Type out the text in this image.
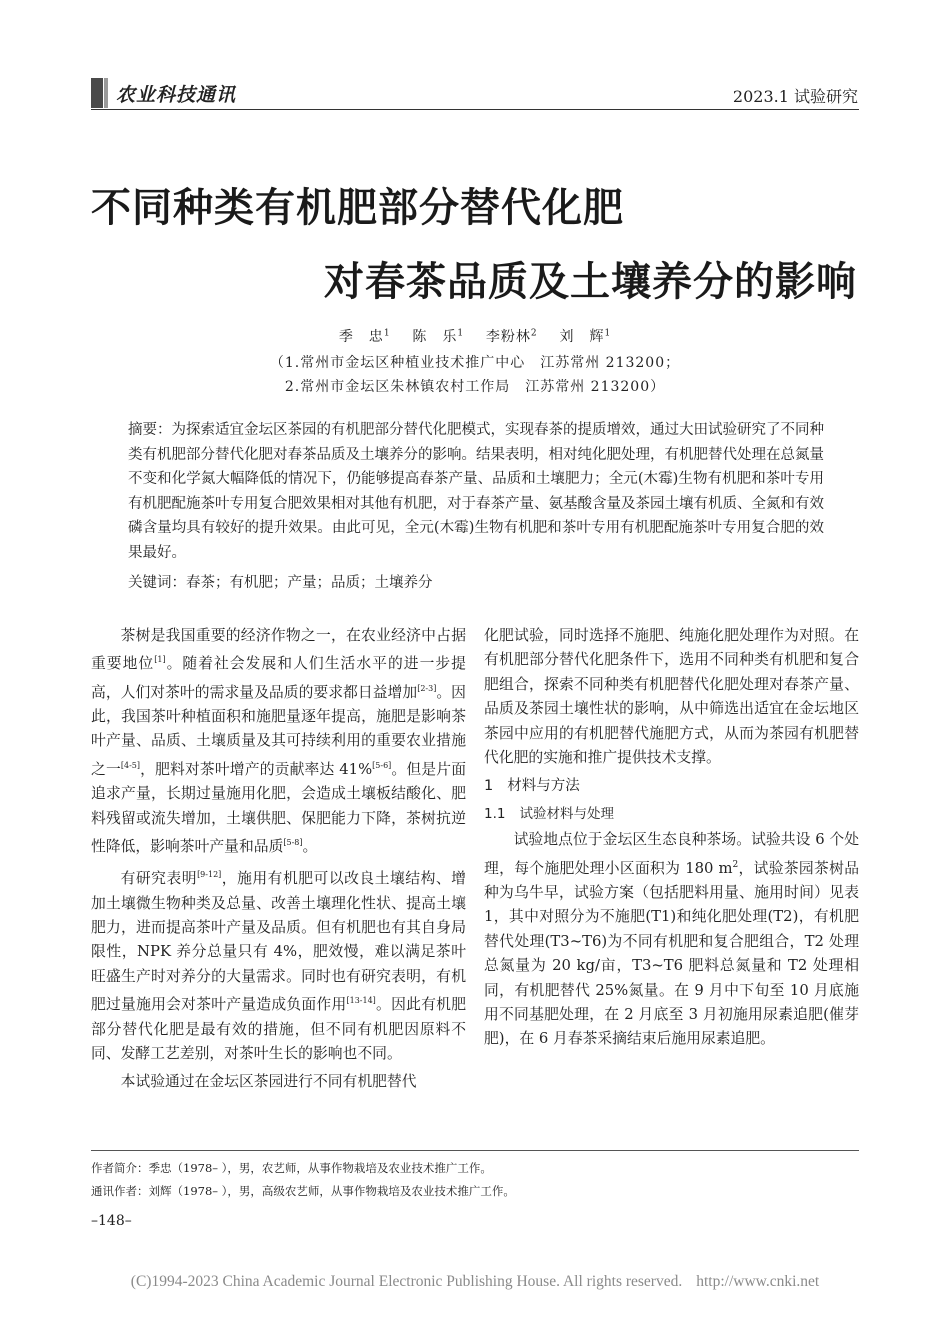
农业科技通讯	2023.1 试验研究
不同种类有机肥部分替代化肥
对春茶品质及土壤养分的影响
季　忠$^1$ 陈　乐$^1$ 李粉林$^2$ 刘　辉$^1$
（1.常州市金坛区种植业技术推广中心　江苏常州 213200；
2.常州市金坛区朱林镇农村工作局　江苏常州 213200）

摘要：为探索适宜金坛区茶园的有机肥部分替代化肥模式，实现春茶的提质增效，通过大田试验研究了不同种类有机肥部分替代化肥对春茶品质及土壤养分的影响。结果表明，相对纯化肥处理，有机肥替代处理在总氮量不变和化学氮大幅降低的情况下，仍能够提高春茶产量、品质和土壤肥力；全元(木霉)生物有机肥和茶叶专用有机肥配施茶叶专用复合肥效果相对其他有机肥，对于春茶产量、氨基酸含量及茶园土壤有机质、全氮和有效磷含量均具有较好的提升效果。由此可见，全元(木霉)生物有机肥和茶叶专用有机肥配施茶叶专用复合肥的效果最好。

关键词：春茶；有机肥；产量；品质；土壤养分

茶树是我国重要的经济作物之一，在农业经济中占据重要地位[1]。随着社会发展和人们生活水平的进一步提高，人们对茶叶的需求量及品质的要求都日益增加[2-3]。因此，我国茶叶种植面积和施肥量逐年提高，施肥是影响茶叶产量、品质、土壤质量及其可持续利用的重要农业措施之一[4-5]，肥料对茶叶增产的贡献率达 41%[5-6]。但是片面追求产量，长期过量施用化肥，会造成土壤板结酸化、肥料残留或流失增加，土壤供肥、保肥能力下降，茶树抗逆性降低，影响茶叶产量和品质[5-8]。

有研究表明[9-12]，施用有机肥可以改良土壤结构、增加土壤微生物种类及总量、改善土壤理化性状、提高土壤肥力，进而提高茶叶产量及品质。但有机肥也有其自身局限性，NPK 养分总量只有 4%，肥效慢，难以满足茶叶旺盛生产时对养分的大量需求。同时也有研究表明，有机肥过量施用会对茶叶产量造成负面作用[13-14]。因此有机肥部分替代化肥是最有效的措施，但不同有机肥因原料不同、发酵工艺差别，对茶叶生长的影响也不同。

本试验通过在金坛区茶园进行不同有机肥替代

化肥试验，同时选择不施肥、纯施化肥处理作为对照。在有机肥部分替代化肥条件下，选用不同种类有机肥和复合肥组合，探索不同种类有机肥替代化肥处理对春茶产量、品质及茶园土壤性状的影响，从中筛选出适宜在金坛地区茶园中应用的有机肥替代施肥方式，从而为茶园有机肥替代化肥的实施和推广提供技术支撑。

1 材料与方法
1.1 试验材料与处理

试验地点位于金坛区生态良种茶场。试验共设 6 个处理，每个施肥处理小区面积为 180 $m^2$，试验茶园茶树品种为乌牛早，试验方案（包括肥料用量、施用时间）见表 1，其中对照分为不施肥(T1)和纯化肥处理(T2)，有机肥替代处理(T3~T6)为不同有机肥和复合肥组合，T2 处理总氮量为 20 kg/亩，T3~T6 肥料总氮量和 T2 处理相同，有机肥替代 25%氮量。在 9 月中下旬至 10 月底施用不同基肥处理，在 2 月底至 3 月初施用尿素追肥(催芽肥)，在 6 月春茶采摘结束后施用尿素追肥。

作者简介：季忠（1978– ），男，农艺师，从事作物栽培及农业技术推广工作。
通讯作者：刘辉（1978– ），男，高级农艺师，从事作物栽培及农业技术推广工作。
–148–
(C)1994-2023 China Academic Journal Electronic Publishing House. All rights reserved. http://www.cnki.net
